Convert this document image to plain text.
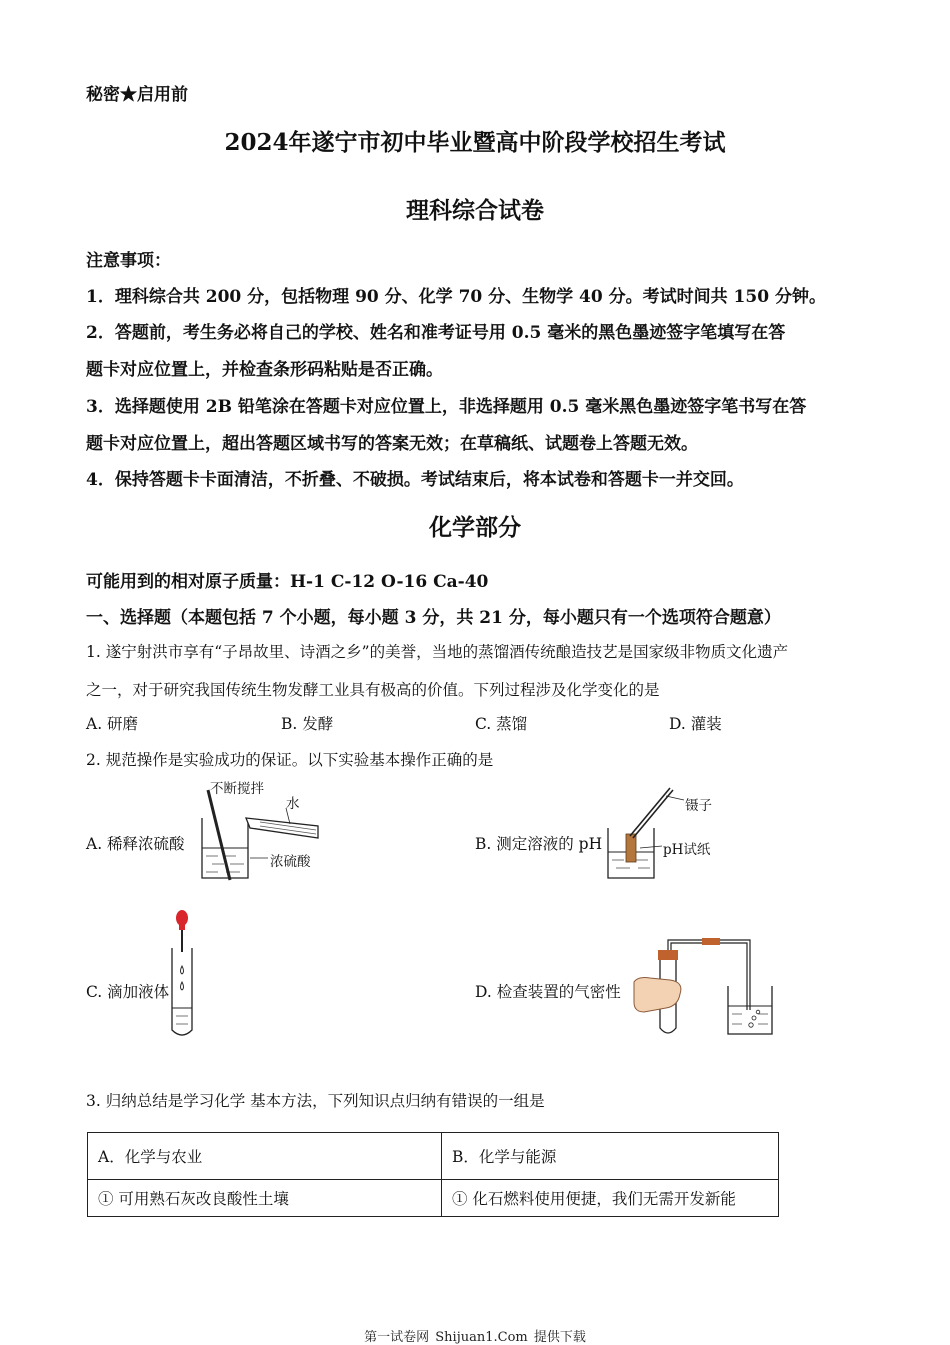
秘密★启用前
2024年遂宁市初中毕业暨高中阶段学校招生考试
理科综合试卷
注意事项：
1．理科综合共 200 分，包括物理 90 分、化学 70 分、生物学 40 分。考试时间共 150 分钟。
2．答题前，考生务必将自己的学校、姓名和准考证号用 0.5 毫米的黑色墨迹签字笔填写在答
题卡对应位置上，并检查条形码粘贴是否正确。
3．选择题使用 2B 铅笔涂在答题卡对应位置上，非选择题用 0.5 毫米黑色墨迹签字笔书写在答
题卡对应位置上，超出答题区域书写的答案无效；在草稿纸、试题卷上答题无效。
4．保持答题卡卡面清洁，不折叠、不破损。考试结束后，将本试卷和答题卡一并交回。
化学部分
可能用到的相对原子质量：H-1 C-12 O-16 Ca-40
一、选择题（本题包括 7 个小题，每小题 3 分，共 21 分，每小题只有一个选项符合题意）
1. 遂宁射洪市享有“子昂故里、诗酒之乡”的美誉，当地的蒸馏酒传统酿造技艺是国家级非物质文化遗产
之一，对于研究我国传统生物发酵工业具有极高的价值。下列过程涉及化学变化的是
A. 研磨	B. 发酵	C. 蒸馏	D. 灌装
2. 规范操作是实验成功的保证。以下实验基本操作正确的是
A. 稀释浓硫酸
不断搅拌
水
浓硫酸
B. 测定溶液的 pH
镊子
pH试纸
C. 滴加液体	D. 检查装置的气密性
3. 归纳总结是学习化学 基本方法，下列知识点归纳有错误的一组是
A．化学与农业	B．化学与能源
① 可用熟石灰改良酸性土壤	① 化石燃料使用便捷，我们无需开发新能
第一试卷网 Shijuan1.Com 提供下载
